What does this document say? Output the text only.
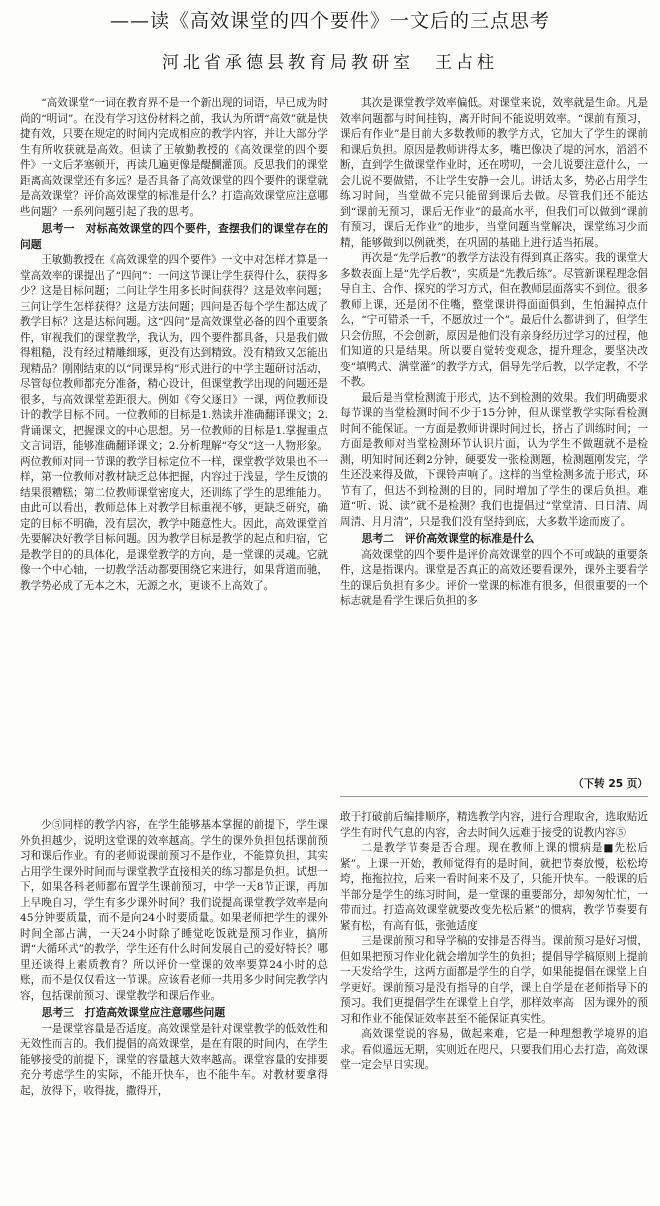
——读《高效课堂的四个要件》一文后的三点思考
河北省承德县教育局教研室　王占柱

“高效课堂”一词在教育界不是一个新出现的词语，早已成为时尚的“明词”。在没有学习这份材料之前，我认为所谓“高效”就是快捷有效，只要在规定的时间内完成相应的教学内容，并让大部分学生有所收获就是高效。但读了王敏勤教授的《高效课堂的四个要件》一文后茅塞顿开，再读几遍更像是醍醐灌顶。反思我们的课堂距离高效课堂还有多远？是否具备了高效课堂的四个要件的课堂就是高效课堂？评价高效课堂的标准是什么？打造高效课堂应注意哪些问题？一系列问题引起了我的思考。

思考一　对标高效课堂的四个要件，查摆我们的课堂存在的问题

王敏勤教授在《高效课堂的四个要件》一文中对怎样才算是一堂高效率的课提出了“四问”：一问这节课让学生获得什么，获得多少？这是目标问题；二问让学生用多长时间获得？这是效率问题；三问让学生怎样获得？这是方法问题；四问是否每个学生都达成了教学目标？这是达标问题。这“四问”是高效课堂必备的四个重要条件，审视我们的课堂教学，我认为，四个要件都具备，只是我们做得粗糙，没有经过精雕细琢，更没有达到精致。没有精致又怎能出现精品？刚刚结束的以“同课异构”形式进行的中学主题研讨活动，尽管每位教师都充分准备，精心设计，但课堂教学出现的问题还是很多，与高效课堂差距很大。例如《夸父逐日》一课，两位教师设计的教学目标不同。一位教师的目标是1.熟读并准确翻译课文；2.背诵课文，把握课文的中心思想。另一位教师的目标是1.掌握重点文言词语，能够准确翻译课文；2.分析理解“夸父”这一人物形象。两位教师对同一节课的教学目标定位不一样，课堂教学效果也不一样，第一位教师对教材缺乏总体把握，内容过于浅显，学生反馈的结果很糟糕；第二位教师课堂密度大，还训练了学生的思维能力。由此可以看出，教师总体上对教学目标重视不够，更缺乏研究，确定的目标不明确，没有层次，教学中随意性大。因此，高效课堂首先要解决好教学目标问题。因为教学目标是教学的起点和归宿，它是教学目的的具体化，是课堂教学的方向，是一堂课的灵魂。它就像一个中心轴，一切教学活动都要围绕它来进行，如果背道而驰，教学势必成了无本之木，无源之水，更谈不上高效了。

其次是课堂教学效率偏低。对课堂来说，效率就是生命。凡是效率问题都与时间挂钩，离开时间不能说明效率。“课前有预习，课后有作业”是目前大多数教师的教学方式，它加大了学生的课前和课后负担。原因是教师讲得太多，嘴巴像决了堤的河水，滔滔不断，直到学生做课堂作业时，还在唠叨，一会儿说要注意什么，一会儿说不要做错，不让学生安静一会儿。讲话太多，势必占用学生练习时间，当堂做不完只能留到课后去做。尽管我们还不能达到“课前无预习，课后无作业”的最高水平，但我们可以做到“课前有预习，课后无作业”的地步，当堂问题当堂解决，课堂练习少而精，能够做到以例就类，在巩固的基础上进行适当拓展。

再次是“先学后教”的教学方法没有得到真正落实。我的课堂大多数表面上是“先学后教”，实质是“先教后练”。尽管新课程理念倡导自主、合作、探究的学习方式，但在教师层面落实不到位。很多教师上课，还是闭不住嘴，整堂课讲得面面俱到，生怕漏掉点什么，“宁可错杀一千，不愿放过一个”。最后什么都讲到了，但学生只会仿照，不会创新，原因是他们没有亲身经历过学习的过程，他们知道的只是结果。所以要自觉转变观念，提升理念，要坚决改变“填鸭式、满堂灌”的教学方式，倡导先学后教，以学定教，不学不教。

最后是当堂检测流于形式，达不到检测的效果。我们明确要求每节课的当堂检测时间不少于15分钟，但从课堂教学实际看检测时间不能保证。一方面是教师讲课时间过长，挤占了训练时间；一方面是教师对当堂检测环节认识片面，认为学生不做题就不是检测，明知时间还剩2分钟，硬要发一张检测题，检测题刚发完，学生还没来得及做，下课铃声响了。这样的当堂检测多流于形式，环节有了，但达不到检测的目的，同时增加了学生的课后负担。难道“听、说、读”就不是检测？我们也提倡过“堂堂清、日日清、周周清、月月清”，只是我们没有坚持到底，大多数半途而废了。

思考二　评价高效课堂的标准是什么

高效课堂的四个要件是评价高效课堂的四个不可或缺的重要条件，这是指课内。课堂是否真正的高效还要看课外，课外主要看学生的课后负担有多少。评价一堂课的标准有很多，但很重要的一个标志就是看学生课后负担的多

（下转 25 页）

少⑤同样的教学内容，在学生能够基本掌握的前提下，学生课外负担越少，说明这堂课的效率越高。学生的课外负担包括课前预习和课后作业。有的老师说课前预习不是作业，不能算负担，其实占用学生课外时间而与课堂教学直接相关的练习都是负担。试想一下，如果各科老师都布置学生课前预习，中学一天8节正课，再加上早晚自习，学生有多少课外时间？我们说提高课堂教学效率是向45分钟要质量，而不是向24小时要质量。如果老师把学生的课外时间全部占满，一天24小时除了睡觉吃饭就是预习作业，搞所谓“大循环式”的教学，学生还有什么时间发展自己的爱好特长？哪里还谈得上素质教育？所以评价一堂课的效率要算24小时的总账，而不是仅仅看这一节课。应该看老师一共用多少时间完教学内容，包括课前预习、课堂教学和课后作业。

思考三　打造高效课堂应注意哪些问题

一是课堂容量是否适度。高效课堂是针对课堂教学的低效性和无效性而言的。我们提倡的高效课堂，是在有限的时间内，在学生能够接受的前提下，课堂的容量越大效率越高。课堂容量的安排要充分考虑学生的实际，不能开快车，也不能牛车。对教材要拿得起，放得下，收得拢，撒得开，

敢于打破前后编排顺序，精选教学内容，进行合理取舍，选取贴近学生有时代气息的内容，舍去时间久远难于接受的说教内容⑤

二是教学节奏是否合理。现在教师上课的惯病是■先松后紧”。上课一开始，教师觉得有的是时间，就把节奏放慢，松松垮垮，拖拖拉拉，后来一看时间来不及了，只能开快车。一般课的后半部分是学生的练习时间，是一堂课的重要部分，却匆匆忙忙，一带而过。打造高效课堂就要改变先松后紧”的惯病，教学节奏要有紧有松，有高有低，张弛适度

三是课前预习和导学稿的安排是否得当。课前预习是好习惯，但如果把预习作业化就会增加学生的负担；提倡导学稿原则上提前一天发给学生，这两方面都是学生的自学，如果能提倡在课堂上自学更好。课前预习是没有指导的自学，课上自学是在老师指导下的预习。我们更提倡学生在课堂上自学，那样效率高　因为课外的预习和作业不能保证效率甚至不能保证真实性。

高效课堂说的容易，做起来难，它是一种理想教学境界的追求。看似遥远无期，实则近在咫尺，只要我们用心去打造，高效课堂一定会早日实现。
